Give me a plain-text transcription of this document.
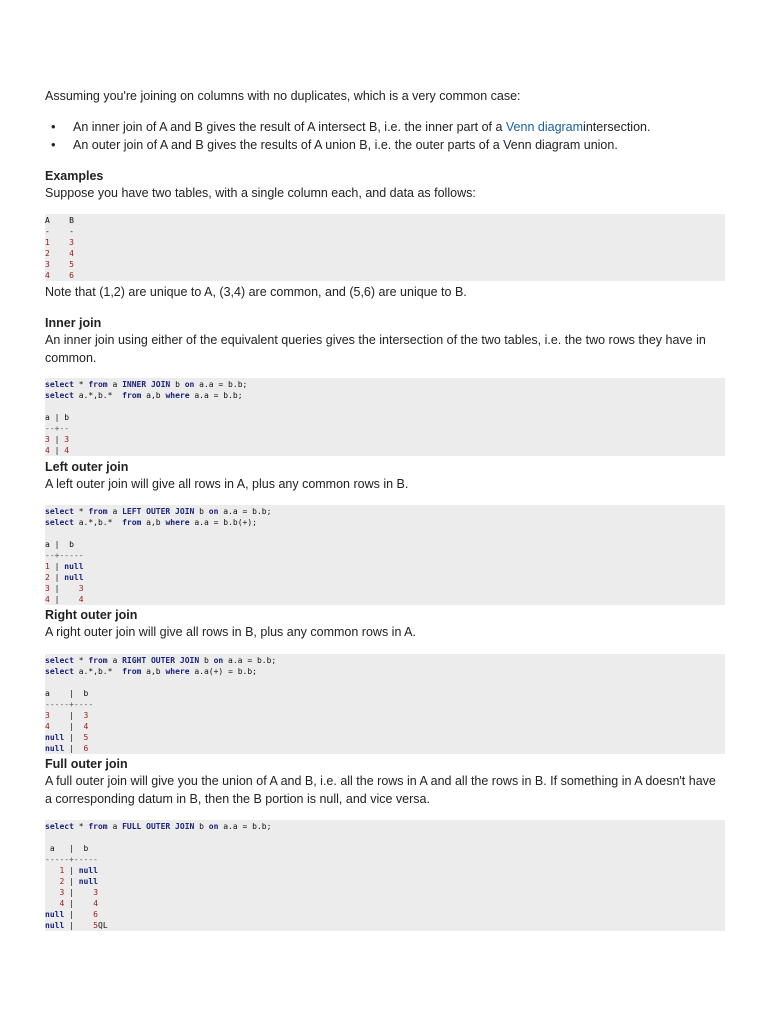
Assuming you're joining on columns with no duplicates, which is a very common case:
• An inner join of A and B gives the result of A intersect B, i.e. the inner part of a Venn diagramintersection.
• An outer join of A and B gives the results of A union B, i.e. the outer parts of a Venn diagram union.
Examples
Suppose you have two tables, with a single column each, and data as follows:
A    B
-    -
1 3
2 4
3 5
4 6
Note that (1,2) are unique to A, (3,4) are common, and (5,6) are unique to B.
Inner join
An inner join using either of the equivalent queries gives the intersection of the two tables, i.e. the two rows they have in common.
select * from a INNER JOIN b on a.a = b.b;
select a.*,b.*  from a,b where a.a = b.b;

a | b
--+--
3 | 3
4 | 4
Left outer join
A left outer join will give all rows in A, plus any common rows in B.
select * from a LEFT OUTER JOIN b on a.a = b.b;
select a.*,b.*  from a,b where a.a = b.b(+);

a |  b
--+-----
1 | null
2 | null
3 |    3
4 |    4
Right outer join
A right outer join will give all rows in B, plus any common rows in A.
select * from a RIGHT OUTER JOIN b on a.a = b.b;
select a.*,b.*  from a,b where a.a(+) = b.b;

a    |  b
-----+----
3    |  3
4    |  4
null |  5
null |  6
Full outer join
A full outer join will give you the union of A and B, i.e. all the rows in A and all the rows in B. If something in A doesn't have a corresponding datum in B, then the B portion is null, and vice versa.
select * from a FULL OUTER JOIN b on a.a = b.b;

a   |  b
-----+-----
1 | null
2 | null
3 |    3
4 |    4
null |    6
null |    5QL
